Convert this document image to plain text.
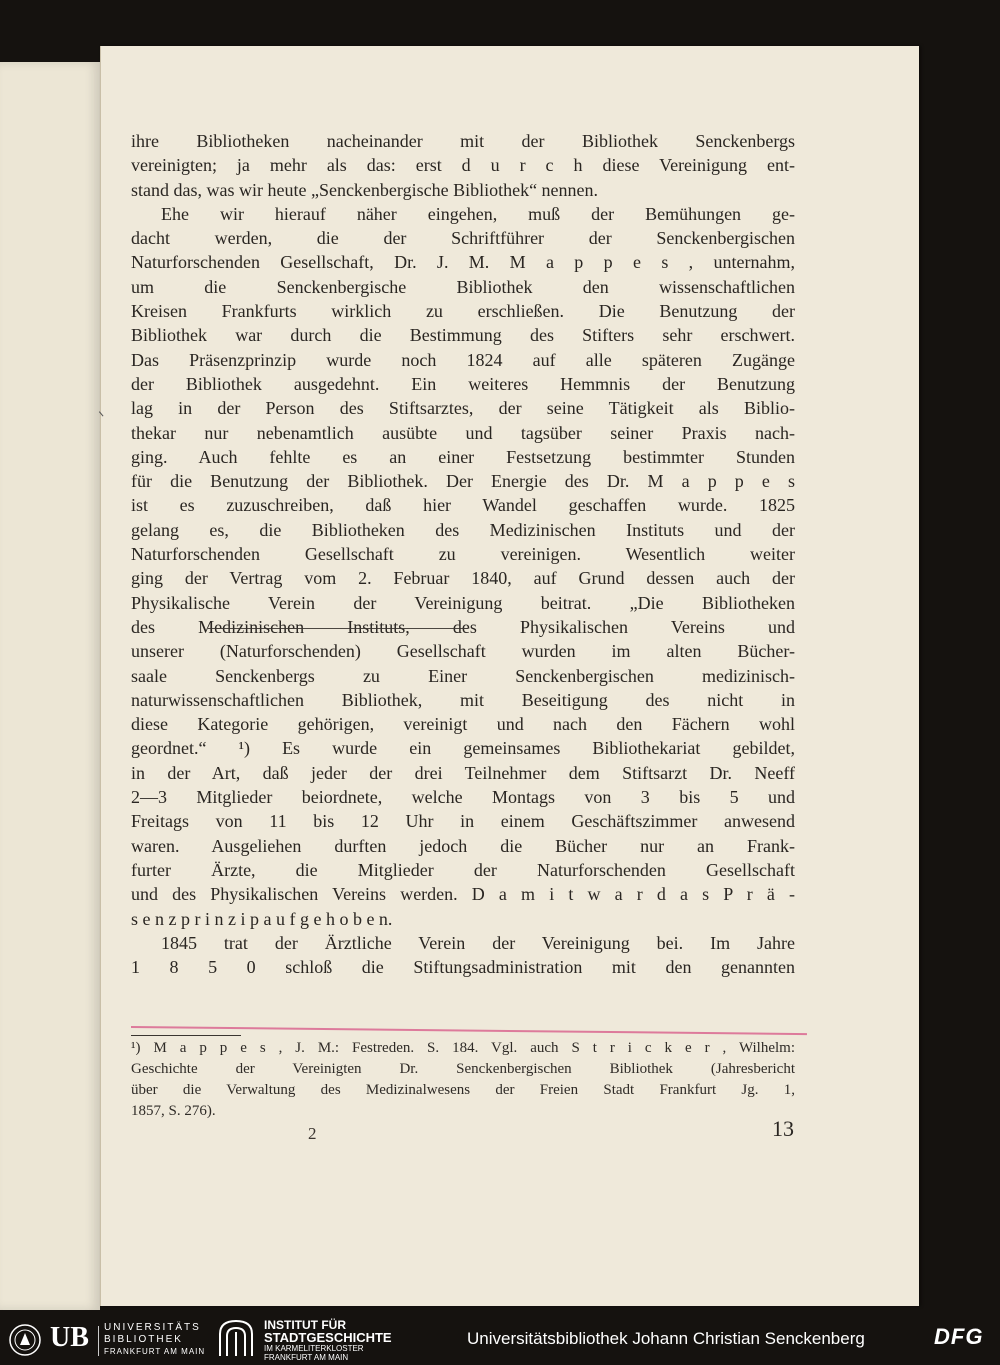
ihre Bibliotheken nacheinander mit der Bibliothek Senckenbergs
vereinigten; ja mehr als das: erst d u r c h diese Vereinigung ent-
stand das, was wir heute „Senckenbergische Bibliothek“ nennen.
Ehe wir hierauf näher eingehen, muß der Bemühungen ge-
dacht werden, die der Schriftführer der Senckenbergischen
Naturforschenden Gesellschaft, Dr. J. M. M a p p e s , unternahm,
um die Senckenbergische Bibliothek den wissenschaftlichen
Kreisen Frankfurts wirklich zu erschließen. Die Benutzung der
Bibliothek war durch die Bestimmung des Stifters sehr erschwert.
Das Präsenzprinzip wurde noch 1824 auf alle späteren Zugänge
der Bibliothek ausgedehnt. Ein weiteres Hemmnis der Benutzung
lag in der Person des Stiftsarztes, der seine Tätigkeit als Biblio-
thekar nur nebenamtlich ausübte und tagsüber seiner Praxis nach-
ging. Auch fehlte es an einer Festsetzung bestimmter Stunden
für die Benutzung der Bibliothek. Der Energie des Dr. M a p p e s
ist es zuzuschreiben, daß hier Wandel geschaffen wurde. 1825
gelang es, die Bibliotheken des Medizinischen Instituts und der
Naturforschenden Gesellschaft zu vereinigen. Wesentlich weiter
ging der Vertrag vom 2. Februar 1840, auf Grund dessen auch der
Physikalische Verein der Vereinigung beitrat. „Die Bibliotheken
des Medizinischen Instituts, des Physikalischen Vereins und
unserer (Naturforschenden) Gesellschaft wurden im alten Bücher-
saale Senckenbergs zu Einer Senckenbergischen medizinisch-
naturwissenschaftlichen Bibliothek, mit Beseitigung des nicht in
diese Kategorie gehörigen, vereinigt und nach den Fächern wohl
geordnet.“ ¹) Es wurde ein gemeinsames Bibliothekariat gebildet,
in der Art, daß jeder der drei Teilnehmer dem Stiftsarzt Dr. Neeff
2—3 Mitglieder beiordnete, welche Montags von 3 bis 5 und
Freitags von 11 bis 12 Uhr in einem Geschäftszimmer anwesend
waren. Ausgeliehen durften jedoch die Bücher nur an Frank-
furter Ärzte, die Mitglieder der Naturforschenden Gesellschaft
und des Physikalischen Vereins werden. D a m i t w a r d a s P r ä -
s e n z p r i n z i p a u f g e h o b e n.
1845 trat der Ärztliche Verein der Vereinigung bei. Im Jahre
1 8 5 0 schloß die Stiftungsadministration mit den genannten
¹) M a p p e s , J. M.: Festreden. S. 184. Vgl. auch S t r i c k e r , Wilhelm:
Geschichte der Vereinigten Dr. Senckenbergischen Bibliothek (Jahresbericht
über die Verwaltung des Medizinalwesens der Freien Stadt Frankfurt Jg. 1,
1857, S. 276).
2	13
UB UNIVERSITÄTS
BIBLIOTHEK
FRANKFURT AM MAIN
INSTITUT FÜR
STADTGESCHICHTE
IM KARMELITERKLOSTER
FRANKFURT AM MAIN
Universitätsbibliothek Johann Christian Senckenberg	DFG
